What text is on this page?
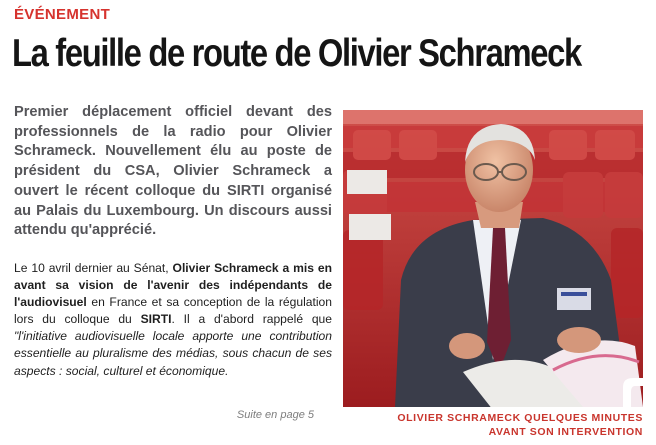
ÉVÉNEMENT
La feuille de route de Olivier Schrameck

Premier déplacement officiel devant des professionnels de la radio pour Olivier Schrameck. Nouvellement élu au poste de président du CSA, Olivier Schrameck a ouvert le récent colloque du SIRTI organisé au Palais du Luxembourg. Un discours aussi attendu qu'apprécié.

Le 10 avril dernier au Sénat, Olivier Schrameck a mis en avant sa vision de l'avenir des indépendants de l'audiovisuel en France et sa conception de la régulation lors du colloque du SIRTI. Il a d'abord rappelé que "l'initiative audiovisuelle locale apporte une contribution essentielle au pluralisme des médias, sous chacun de ses aspects : social, culturel et économique.

Suite en page 5	OLIVIER SCHRAMECK QUELQUES MINUTES
AVANT SON INTERVENTION
